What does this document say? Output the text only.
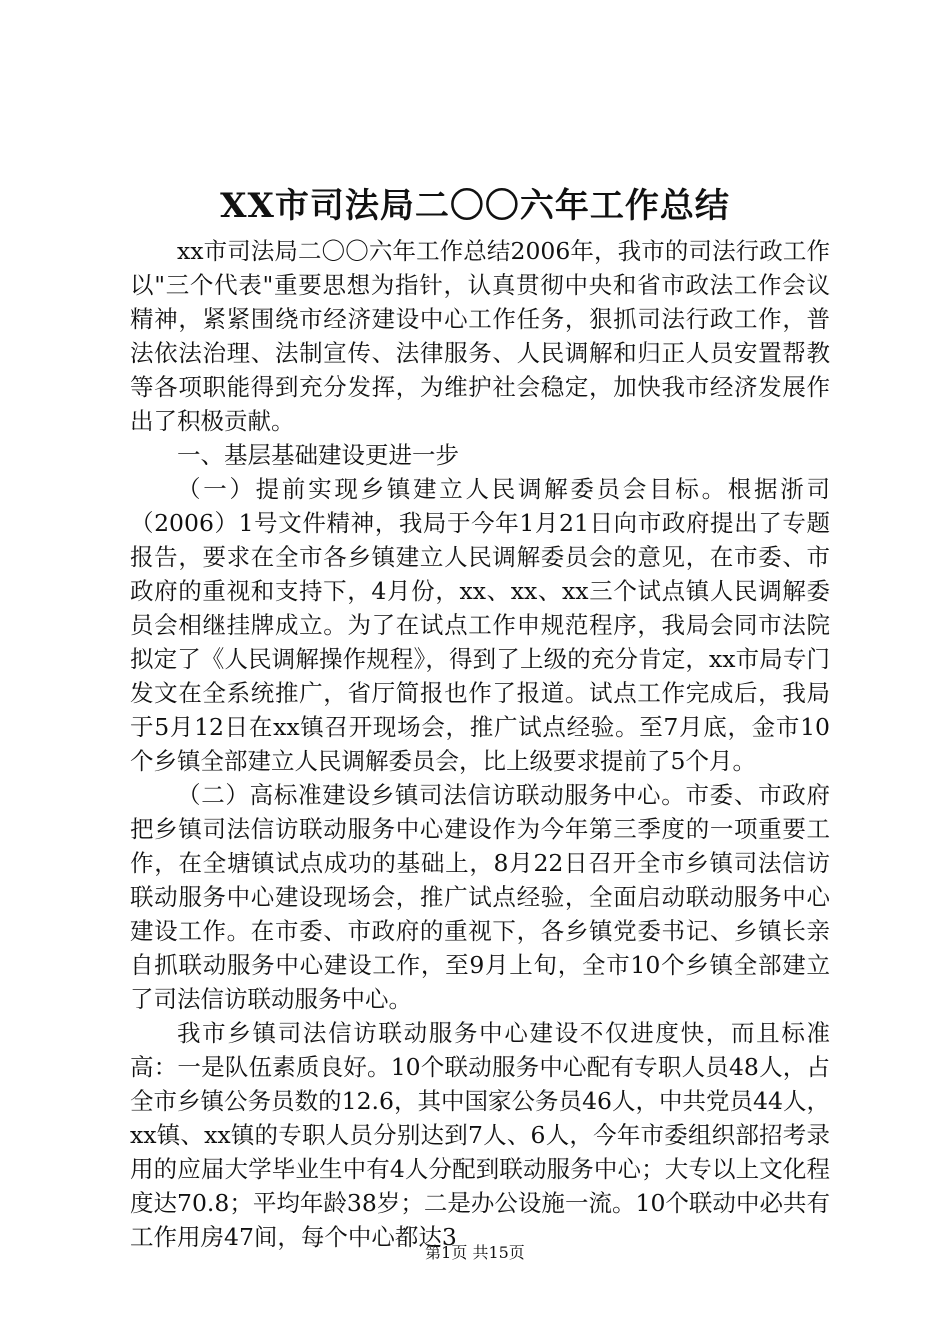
XX市司法局二〇〇六年工作总结

xx市司法局二〇〇六年工作总结2006年，我市的司法行政工作以"三个代表"重要思想为指针，认真贯彻中央和省市政法工作会议精神，紧紧围绕市经济建设中心工作任务，狠抓司法行政工作，普法依法治理、法制宣传、法律服务、人民调解和归正人员安置帮教等各项职能得到充分发挥，为维护社会稳定，加快我市经济发展作出了积极贡献。

一、基层基础建设更进一步

（一）提前实现乡镇建立人民调解委员会目标。根据浙司（2006）1号文件精神，我局于今年1月21日向市政府提出了专题报告，要求在全市各乡镇建立人民调解委员会的意见，在市委、市政府的重视和支持下，4月份，xx、xx、xx三个试点镇人民调解委员会相继挂牌成立。为了在试点工作申规范程序，我局会同市法院拟定了《人民调解操作规程》，得到了上级的充分肯定，xx市局专门发文在全系统推广，省厅简报也作了报道。试点工作完成后，我局于5月12日在xx镇召开现场会，推广试点经验。至7月底，金市10个乡镇全部建立人民调解委员会，比上级要求提前了5个月。

（二）高标准建设乡镇司法信访联动服务中心。市委、市政府把乡镇司法信访联动服务中心建设作为今年第三季度的一项重要工作，在全塘镇试点成功的基础上，8月22日召开全市乡镇司法信访联动服务中心建设现场会，推广试点经验，全面启动联动服务中心建设工作。在市委、市政府的重视下，各乡镇党委书记、乡镇长亲自抓联动服务中心建设工作，至9月上旬，全市10个乡镇全部建立了司法信访联动服务中心。

我市乡镇司法信访联动服务中心建设不仅进度快，而且标准高：一是队伍素质良好。10个联动服务中心配有专职人员48人，占全市乡镇公务员数的12.6，其中国家公务员46人，中共党员44人，xx镇、xx镇的专职人员分别达到7人、6人，今年市委组织部招考录用的应届大学毕业生中有4人分配到联动服务中心；大专以上文化程度达70.8；平均年龄38岁；二是办公设施一流。10个联动中必共有工作用房47间，每个中心都达3

第1页 共15页
